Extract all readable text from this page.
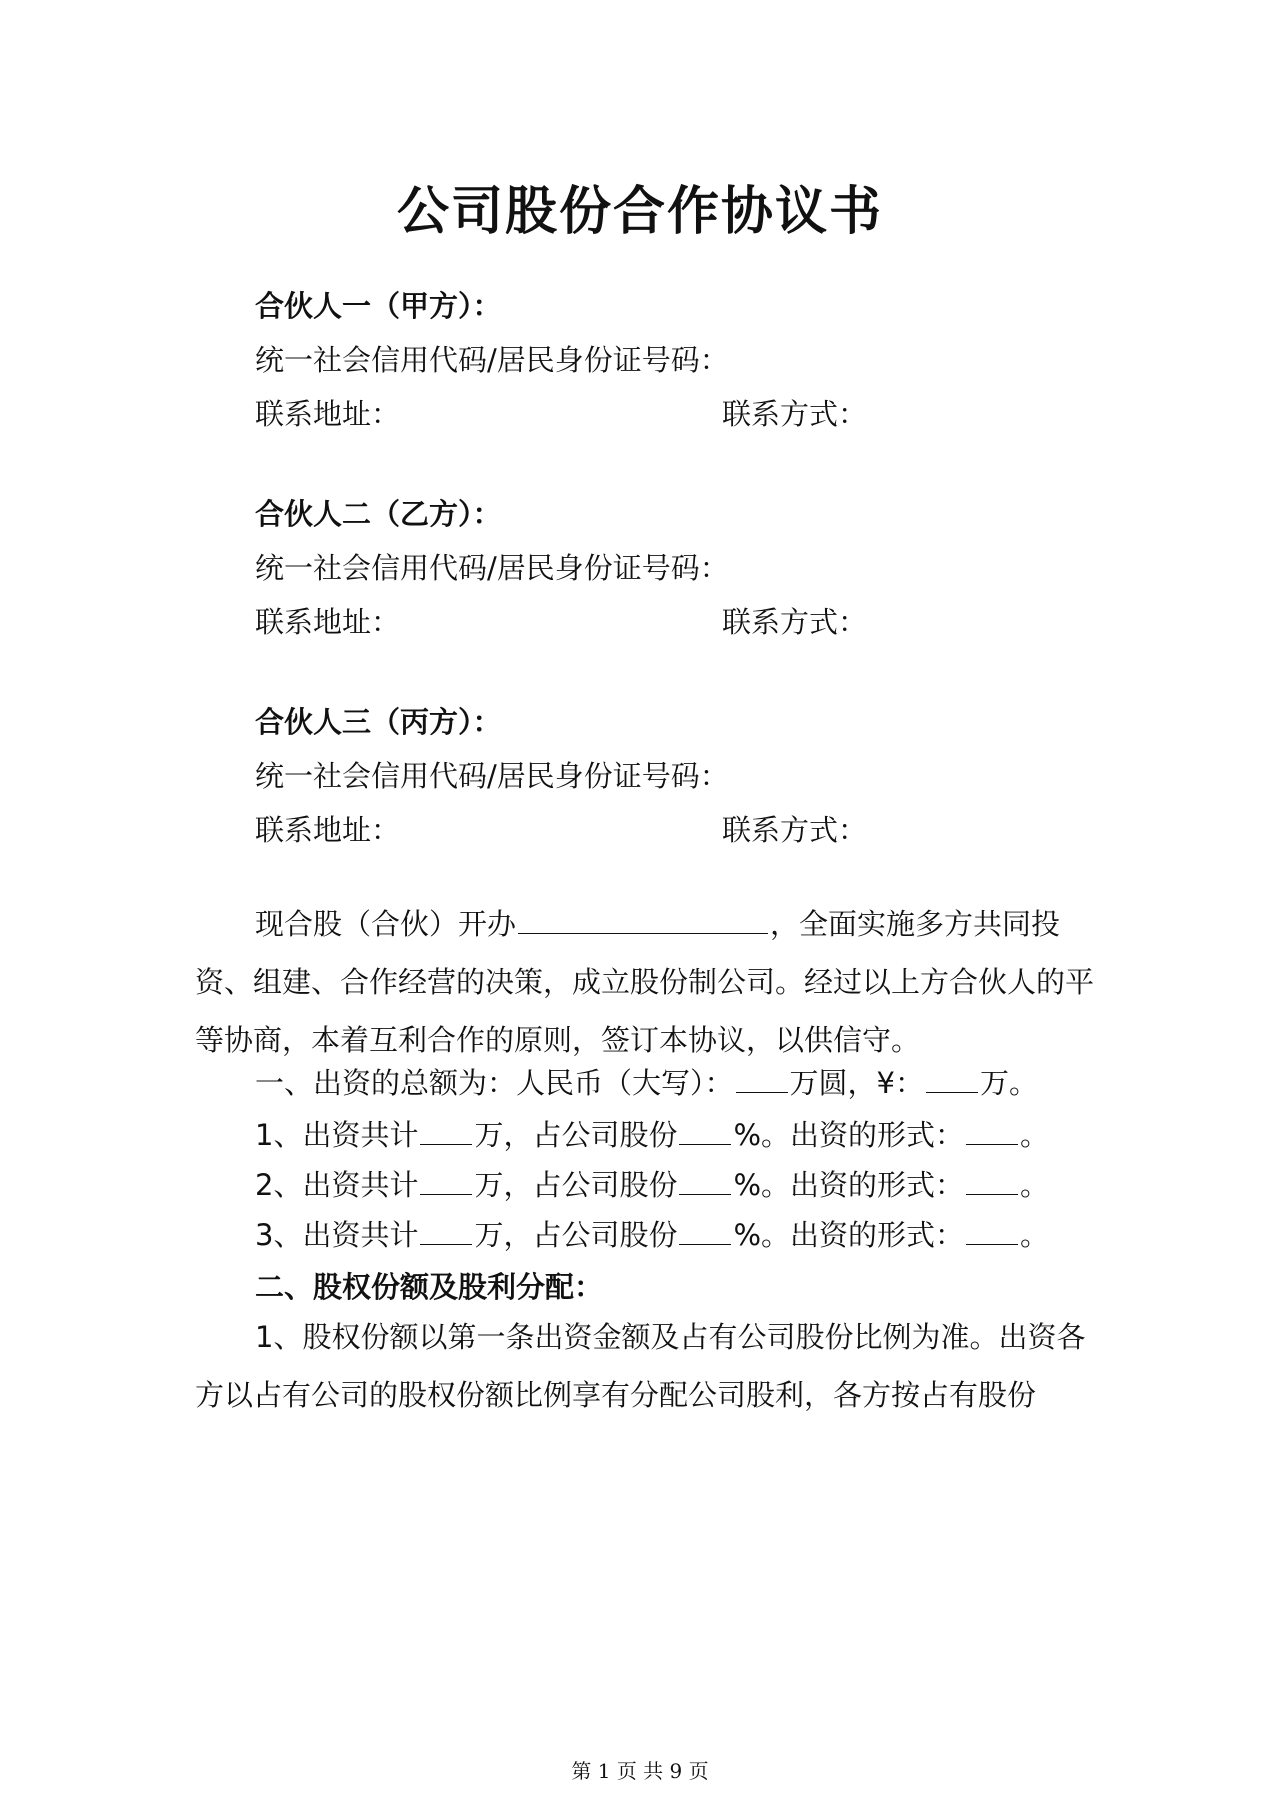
公司股份合作协议书
合伙人一（甲方）：
统一社会信用代码/居民身份证号码：
联系地址：	联系方式：
合伙人二（乙方）：
统一社会信用代码/居民身份证号码：
联系地址：	联系方式：
合伙人三（丙方）：
统一社会信用代码/居民身份证号码：
联系地址：	联系方式：
现合股（合伙）开办	，全面实施多方共同投资、组建、合作经营的决策，成立股份制公司。经过以上方合伙人的平等协商，本着互利合作的原则，签订本协议，以供信守。
一、出资的总额为：人民币（大写）： 万圆，¥： 万。
1、出资共计 万，占公司股份 %。出资的形式： 。
2、出资共计 万，占公司股份 %。出资的形式： 。
3、出资共计 万，占公司股份 %。出资的形式： 。
二、股权份额及股利分配：
1、股权份额以第一条出资金额及占有公司股份比例为准。出资各方以占有公司的股权份额比例享有分配公司股利，各方按占有股份
第 1 页 共 9 页
